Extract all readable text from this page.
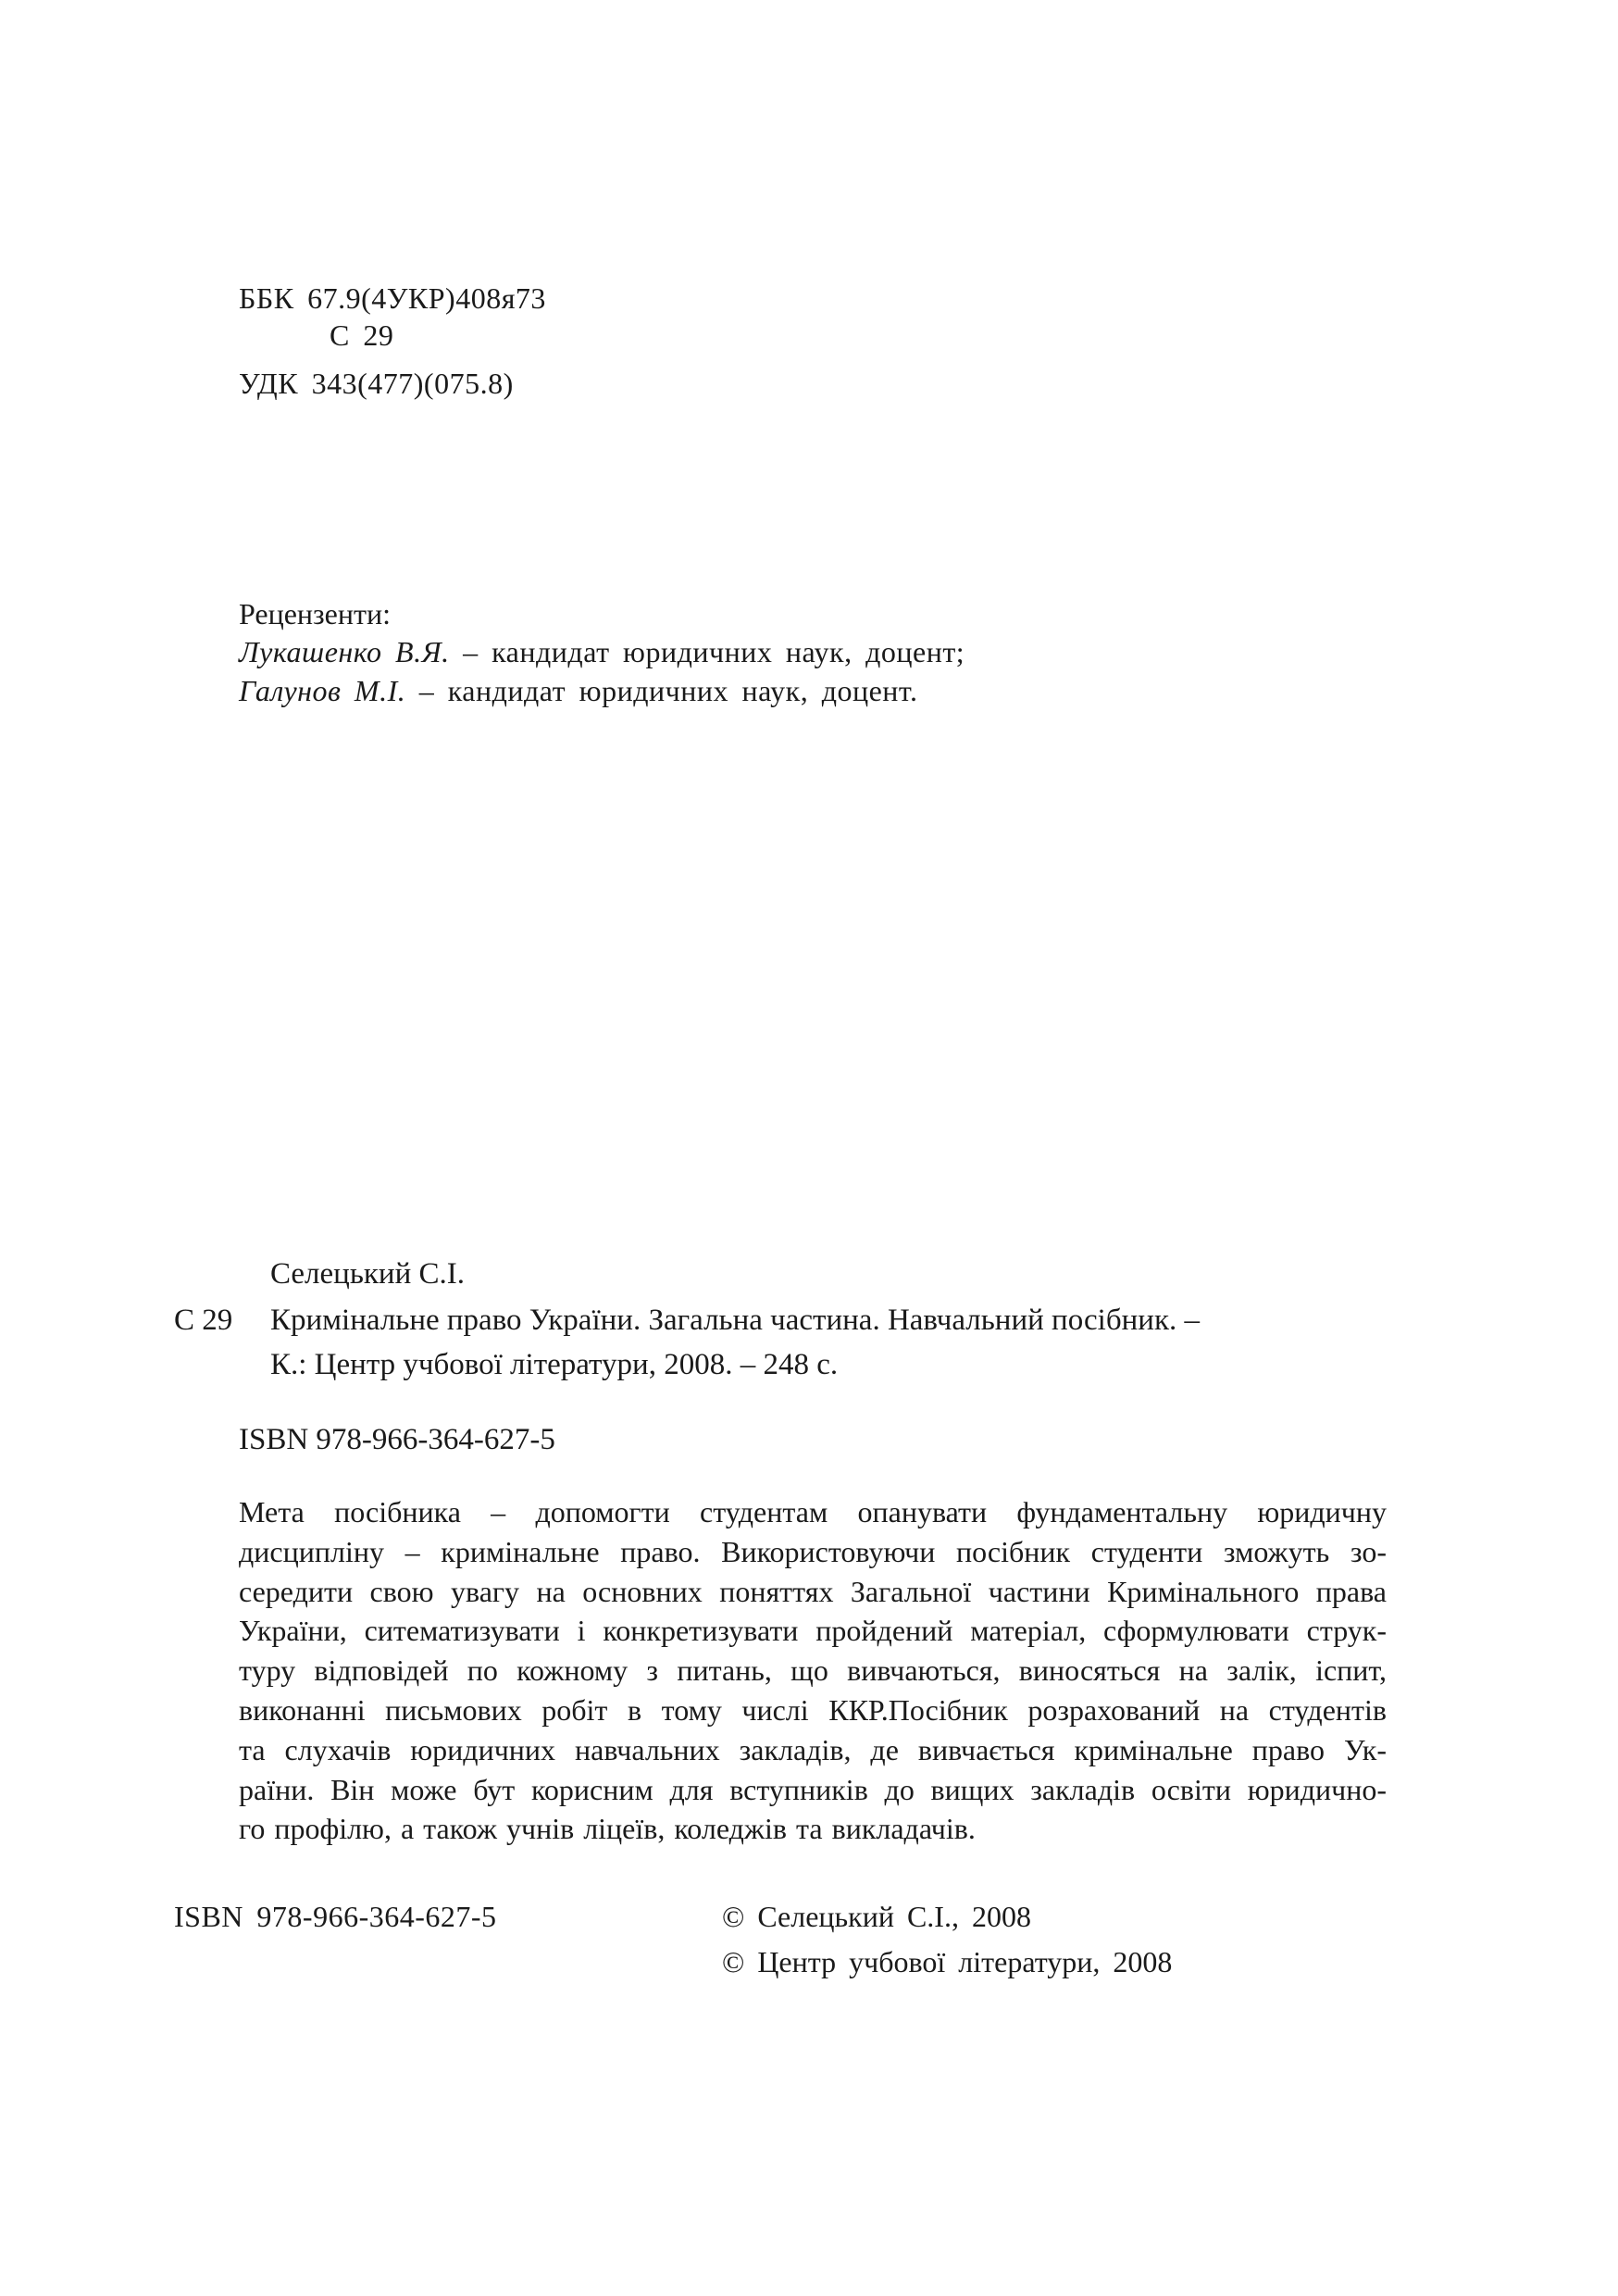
ББК 67.9(4УКР)408я73
С 29
УДК 343(477)(075.8)
Рецензенти:
Лукашенко В.Я. – кандидат юридичних наук, доцент;
Галунов М.І. – кандидат юридичних наук, доцент.
Селецький С.І.
С 29 Кримінальне право України. Загальна частина. Навчальний посібник. –
К.: Центр учбової літератури, 2008. – 248 с.
ISBN 978-966-364-627-5
Мета посібника – допомогти студентам опанувати фундаментальну юридичну
дисципліну – кримінальне право. Використовуючи посібник студенти зможуть зо-
середити свою увагу на основних поняттях Загальної частини Кримінального права
України, ситематизувати і конкретизувати пройдений матеріал, сформулювати струк-
туру відповідей по кожному з питань, що вивчаються, виносяться на залік, іспит,
виконанні письмових робіт в тому числі ККР.Посібник розрахований на студентів
та слухачів юридичних навчальних закладів, де вивчається кримінальне право Ук-
раїни. Він може бут корисним для вступників до вищих закладів освіти юридично-
го профілю, а також учнів ліцеїв, коледжів та викладачів.
ISBN 978-966-364-627-5	© Селецький С.І., 2008
© Центр учбової літератури, 2008
